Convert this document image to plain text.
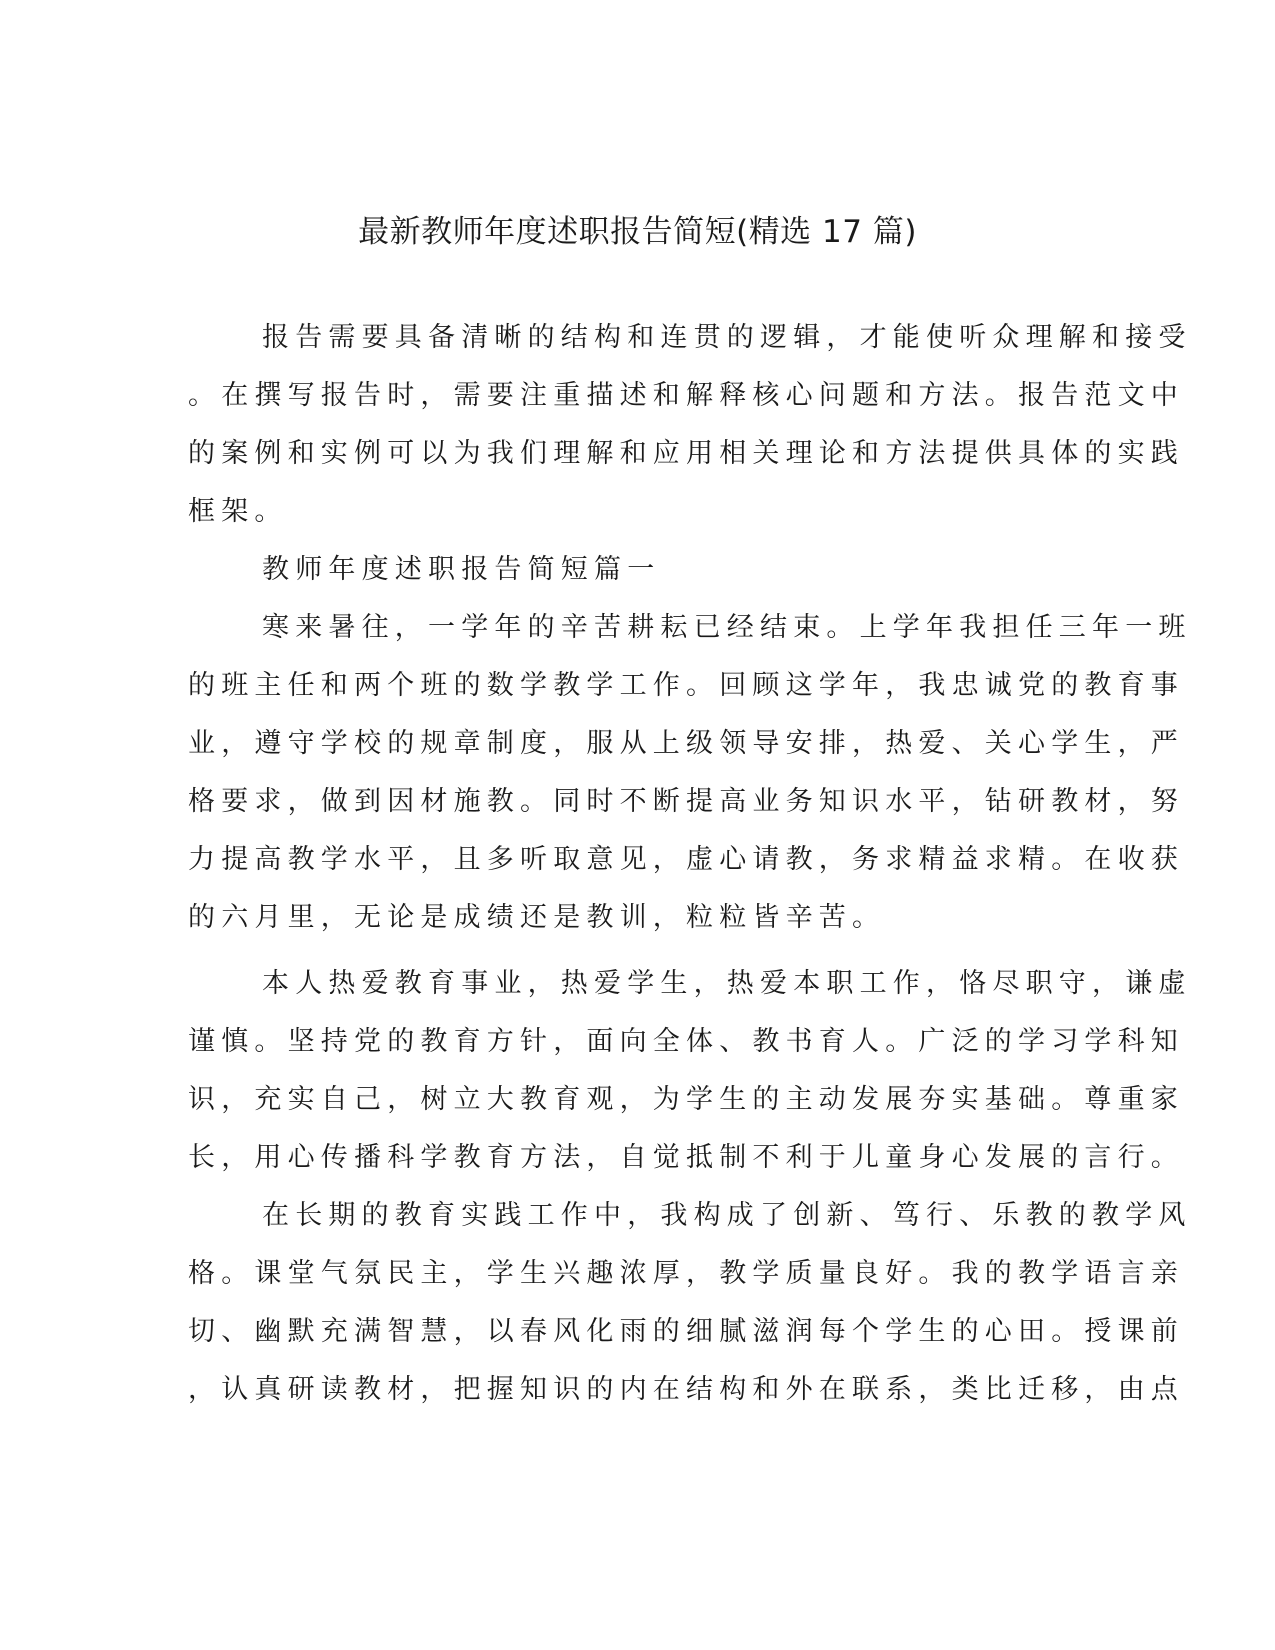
最新教师年度述职报告简短(精选 17 篇)
报告需要具备清晰的结构和连贯的逻辑，才能使听众理解和接受
。在撰写报告时，需要注重描述和解释核心问题和方法。报告范文中
的案例和实例可以为我们理解和应用相关理论和方法提供具体的实践
框架。
教师年度述职报告简短篇一
寒来暑往，一学年的辛苦耕耘已经结束。上学年我担任三年一班
的班主任和两个班的数学教学工作。回顾这学年，我忠诚党的教育事
业，遵守学校的规章制度，服从上级领导安排，热爱、关心学生，严
格要求，做到因材施教。同时不断提高业务知识水平，钻研教材，努
力提高教学水平，且多听取意见，虚心请教，务求精益求精。在收获
的六月里，无论是成绩还是教训，粒粒皆辛苦。
本人热爱教育事业，热爱学生，热爱本职工作，恪尽职守，谦虚
谨慎。坚持党的教育方针，面向全体、教书育人。广泛的学习学科知
识，充实自己，树立大教育观，为学生的主动发展夯实基础。尊重家
长，用心传播科学教育方法，自觉抵制不利于儿童身心发展的言行。
在长期的教育实践工作中，我构成了创新、笃行、乐教的教学风
格。课堂气氛民主，学生兴趣浓厚，教学质量良好。我的教学语言亲
切、幽默充满智慧，以春风化雨的细腻滋润每个学生的心田。授课前
，认真研读教材，把握知识的内在结构和外在联系，类比迁移，由点
